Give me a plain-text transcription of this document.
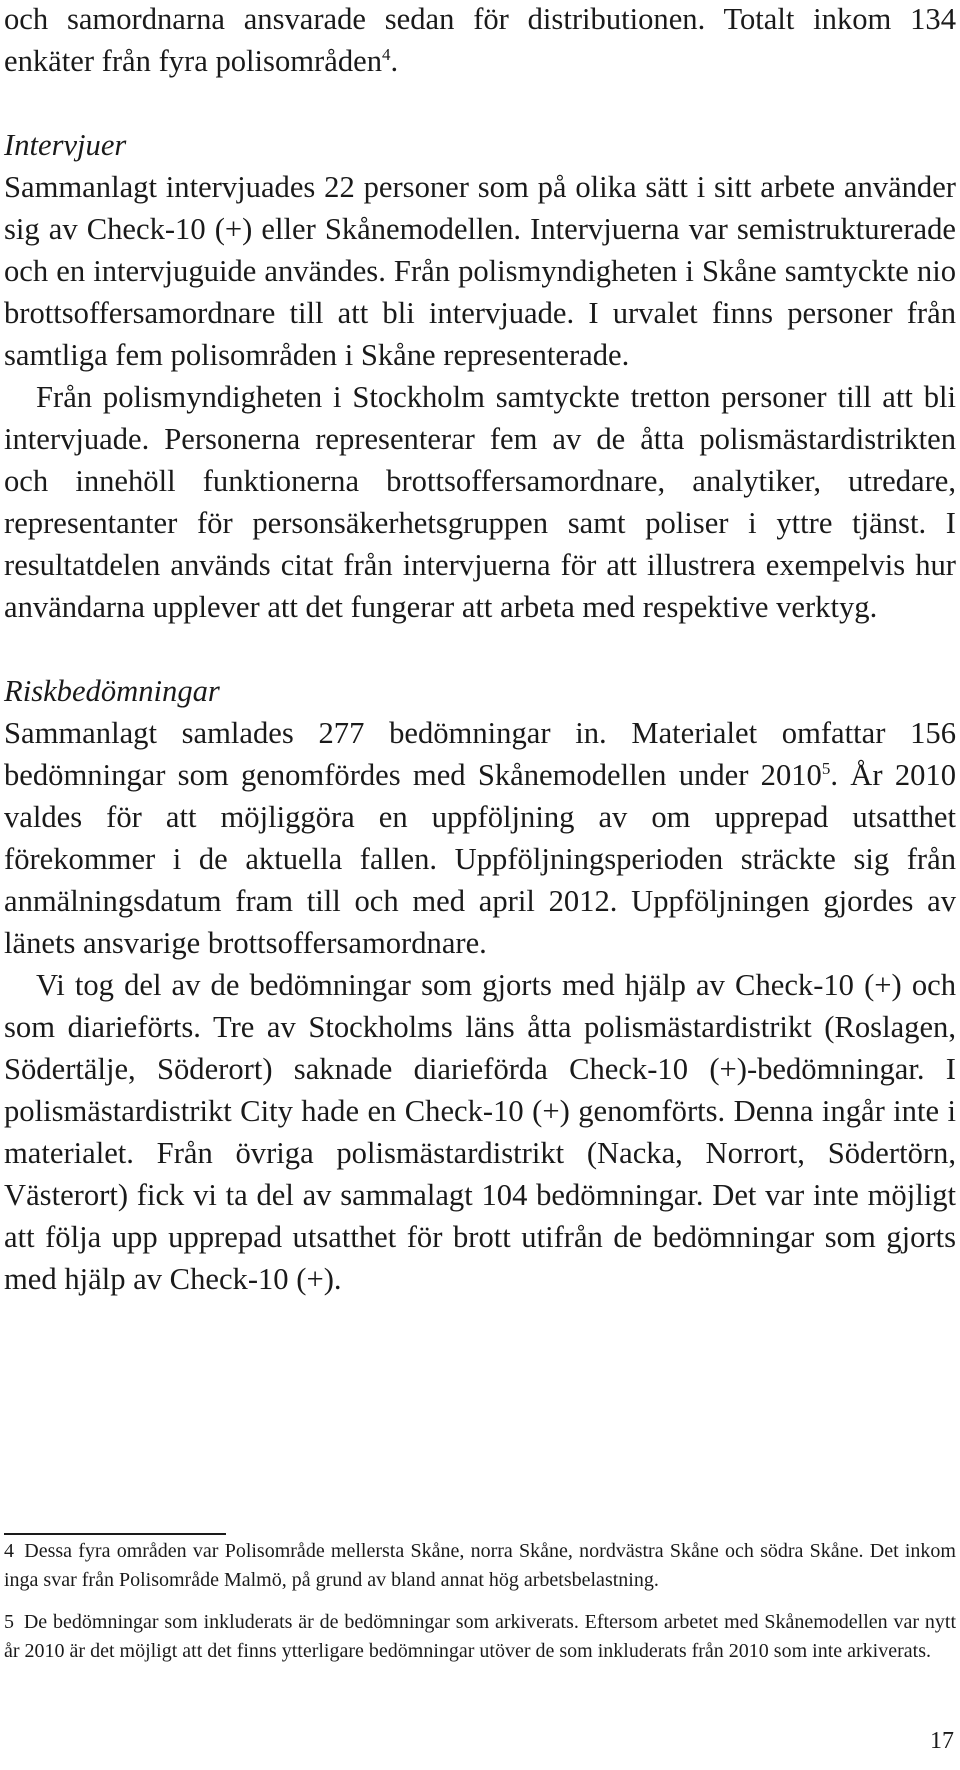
och samordnarna ansvarade sedan för distributionen. Totalt inkom 134 enkäter från fyra polisområden$^4$.

Intervjuer

Sammanlagt intervjuades 22 personer som på olika sätt i sitt arbete använder sig av Check-10 (+) eller Skånemodellen. Intervjuerna var semistrukturerade och en intervjuguide användes. Från polismyndigheten i Skåne samtyckte nio brottsoffersamordnare till att bli intervjuade. I urvalet finns personer från samtliga fem polisområden i Skåne representerade.

Från polismyndigheten i Stockholm samtyckte tretton personer till att bli intervjuade. Personerna representerar fem av de åtta polismästardistrikten och innehöll funktionerna brottsoffersamordnare, analytiker, utredare, representanter för personsäkerhetsgruppen samt poliser i yttre tjänst. I resultatdelen används citat från intervjuerna för att illustrera exempelvis hur användarna upplever att det fungerar att arbeta med respektive verktyg.

Riskbedömningar

Sammanlagt samlades 277 bedömningar in. Materialet omfattar 156 bedömningar som genomfördes med Skånemodellen under 2010$^5$. År 2010 valdes för att möjliggöra en uppföljning av om upprepad utsatthet förekommer i de aktuella fallen. Uppföljningsperioden sträckte sig från anmälningsdatum fram till och med april 2012. Uppföljningen gjordes av länets ansvarige brottsoffersamordnare.

Vi tog del av de bedömningar som gjorts med hjälp av Check-10 (+) och som diarieförts. Tre av Stockholms läns åtta polismästardistrikt (Roslagen, Södertälje, Söderort) saknade diarieförda Check-10 (+)-bedömningar. I polismästardistrikt City hade en Check-10 (+) genomförts. Denna ingår inte i materialet. Från övriga polismästardistrikt (Nacka, Norrort, Södertörn, Västerort) fick vi ta del av sammalagt 104 bedömningar. Det var inte möjligt att följa upp upprepad utsatthet för brott utifrån de bedömningar som gjorts med hjälp av Check-10 (+).

4 Dessa fyra områden var Polisområde mellersta Skåne, norra Skåne, nordvästra Skåne och södra Skåne. Det inkom inga svar från Polisområde Malmö, på grund av bland annat hög arbetsbelastning.

5 De bedömningar som inkluderats är de bedömningar som arkiverats. Eftersom arbetet med Skånemodellen var nytt år 2010 är det möjligt att det finns ytterligare bedömningar utöver de som inkluderats från 2010 som inte arkiverats.

17
